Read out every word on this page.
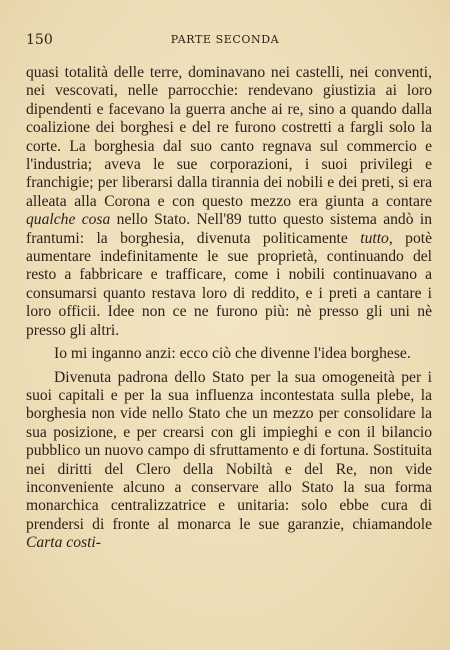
150	PARTE SECONDA

quasi totalità delle terre, dominavano nei castelli, nei conventi, nei vescovati, nelle parrocchie: rendevano giustizia ai loro dipendenti e facevano la guerra anche ai re, sino a quando dalla coalizione dei borghesi e del re furono costretti a fargli solo la corte. La borghesia dal suo canto regnava sul commercio e l'industria; aveva le sue corporazioni, i suoi privilegi e franchigie; per liberarsi dalla tirannia dei nobili e dei preti, si era alleata alla Corona e con questo mezzo era giunta a contare qualche cosa nello Stato. Nell'89 tutto questo sistema andò in frantumi: la borghesia, divenuta politicamente tutto, potè aumentare indefinitamente le sue proprietà, continuando del resto a fabbricare e trafficare, come i nobili continuavano a consumarsi quanto restava loro di reddito, e i preti a cantare i loro officii. Idee non ce ne furono più: nè presso gli uni nè presso gli altri.

Io mi inganno anzi: ecco ciò che divenne l'idea borghese.

Divenuta padrona dello Stato per la sua omogeneità per i suoi capitali e per la sua influenza incontestata sulla plebe, la borghesia non vide nello Stato che un mezzo per consolidare la sua posizione, e per crearsi con gli impieghi e con il bilancio pubblico un nuovo campo di sfruttamento e di fortuna. Sostituita nei diritti del Clero della Nobiltà e del Re, non vide inconveniente alcuno a conservare allo Stato la sua forma monarchica centralizzatrice e unitaria: solo ebbe cura di prendersi di fronte al monarca le sue garanzie, chiamandole Carta costi-
